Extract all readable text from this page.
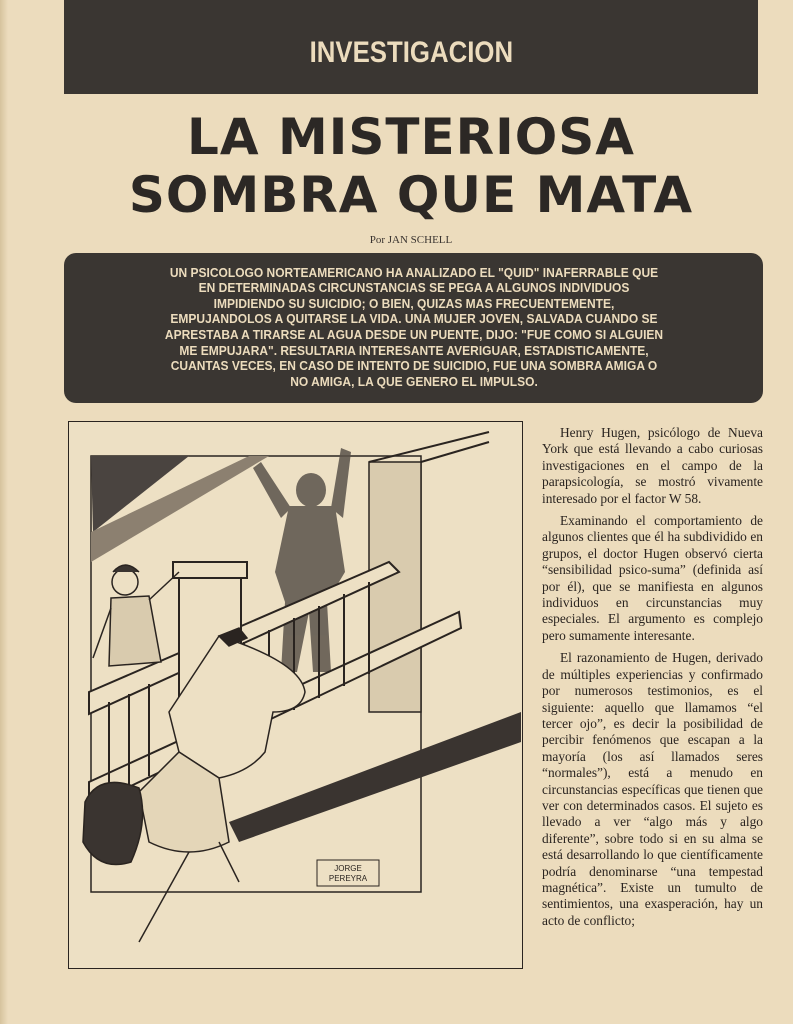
INVESTIGACION
LA MISTERIOSA
SOMBRA QUE MATA
Por JAN SCHELL
UN PSICOLOGO NORTEAMERICANO HA ANALIZADO EL "QUID" INAFERRABLE QUE EN DETERMINADAS CIRCUNSTANCIAS SE PEGA A ALGUNOS INDIVIDUOS IMPIDIENDO SU SUICIDIO; O BIEN, QUIZAS MAS FRECUENTEMENTE, EMPUJANDOLOS A QUITARSE LA VIDA. UNA MUJER JOVEN, SALVADA CUANDO SE APRESTABA A TIRARSE AL AGUA DESDE UN PUENTE, DIJO: "FUE COMO SI ALGUIEN ME EMPUJARA". RESULTARIA INTERESANTE AVERIGUAR, ESTADISTICAMENTE, CUANTAS VECES, EN CASO DE INTENTO DE SUICIDIO, FUE UNA SOMBRA AMIGA O NO AMIGA, LA QUE GENERO EL IMPULSO.
JORGE
PEREYRA

Henry Hugen, psicólogo de Nueva York que está llevando a cabo curiosas investigaciones en el campo de la parapsicología, se mostró vivamente interesado por el factor W 58.

Examinando el comportamiento de algunos clientes que él ha subdividido en grupos, el doctor Hugen observó cierta “sensibilidad psico-suma” (definida así por él), que se manifiesta en algunos individuos en circunstancias muy especiales. El argumento es complejo pero sumamente interesante.

El razonamiento de Hugen, derivado de múltiples experiencias y confirmado por numerosos testimonios, es el siguiente: aquello que llamamos “el tercer ojo”, es decir la posibilidad de percibir fenómenos que escapan a la mayoría (los así llamados seres “normales”), está a menudo en circunstancias específicas que tienen que ver con determinados casos. El sujeto es llevado a ver “algo más y algo diferente”, sobre todo si en su alma se está desarrollando lo que científicamente podría denominarse “una tempestad magnética”. Existe un tumulto de sentimientos, una exasperación, hay un acto de conflicto;
